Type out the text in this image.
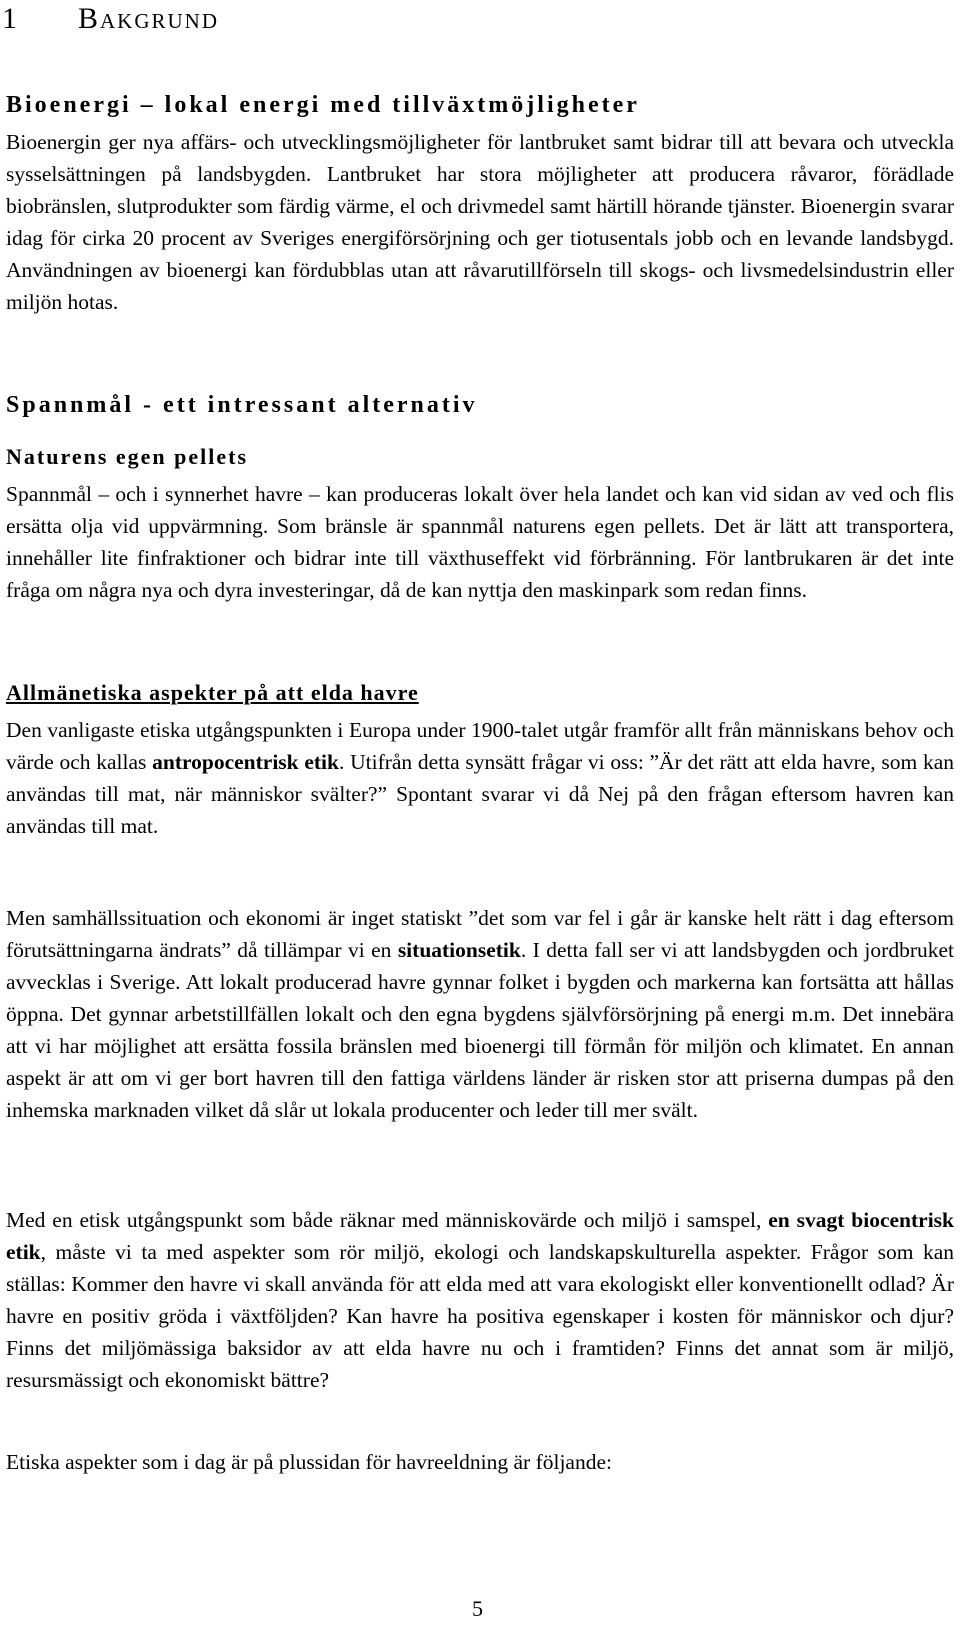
1 Bakgrund
Bioenergi – lokal energi med tillväxtmöjligheter

Bioenergin ger nya affärs- och utvecklingsmöjligheter för lantbruket samt bidrar till att bevara och utveckla sysselsättningen på landsbygden. Lantbruket har stora möjligheter att producera råvaror, förädlade biobränslen, slutprodukter som färdig värme, el och drivmedel samt härtill hörande tjänster. Bioenergin svarar idag för cirka 20 procent av Sveriges energiförsörjning och ger tiotusentals jobb och en levande landsbygd. Användningen av bioenergi kan fördubblas utan att råvarutillförseln till skogs- och livsmedelsindustrin eller miljön hotas.

Spannmål - ett intressant alternativ
Naturens egen pellets

Spannmål – och i synnerhet havre – kan produceras lokalt över hela landet och kan vid sidan av ved och flis ersätta olja vid uppvärmning. Som bränsle är spannmål naturens egen pellets. Det är lätt att transportera, innehåller lite finfraktioner och bidrar inte till växthuseffekt vid förbränning. För lantbrukaren är det inte fråga om några nya och dyra investeringar, då de kan nyttja den maskinpark som redan finns.

Allmänetiska aspekter på att elda havre

Den vanligaste etiska utgångspunkten i Europa under 1900-talet utgår framför allt från människans behov och värde och kallas antropocentrisk etik. Utifrån detta synsätt frågar vi oss: ”Är det rätt att elda havre, som kan användas till mat, när människor svälter?” Spontant svarar vi då Nej på den frågan eftersom havren kan användas till mat.

Men samhällssituation och ekonomi är inget statiskt ”det som var fel i går är kanske helt rätt i dag eftersom förutsättningarna ändrats” då tillämpar vi en situationsetik. I detta fall ser vi att landsbygden och jordbruket avvecklas i Sverige. Att lokalt producerad havre gynnar folket i bygden och markerna kan fortsätta att hållas öppna. Det gynnar arbetstillfällen lokalt och den egna bygdens självförsörjning på energi m.m. Det innebära att vi har möjlighet att ersätta fossila bränslen med bioenergi till förmån för miljön och klimatet. En annan aspekt är att om vi ger bort havren till den fattiga världens länder är risken stor att priserna dumpas på den inhemska marknaden vilket då slår ut lokala producenter och leder till mer svält.

Med en etisk utgångspunkt som både räknar med människovärde och miljö i samspel, en svagt biocentrisk etik, måste vi ta med aspekter som rör miljö, ekologi och landskapskulturella aspekter. Frågor som kan ställas: Kommer den havre vi skall använda för att elda med att vara ekologiskt eller konventionellt odlad? Är havre en positiv gröda i växtföljden? Kan havre ha positiva egenskaper i kosten för människor och djur? Finns det miljömässiga baksidor av att elda havre nu och i framtiden? Finns det annat som är miljö, resursmässigt och ekonomiskt bättre?

Etiska aspekter som i dag är på plussidan för havreeldning är följande:

5
